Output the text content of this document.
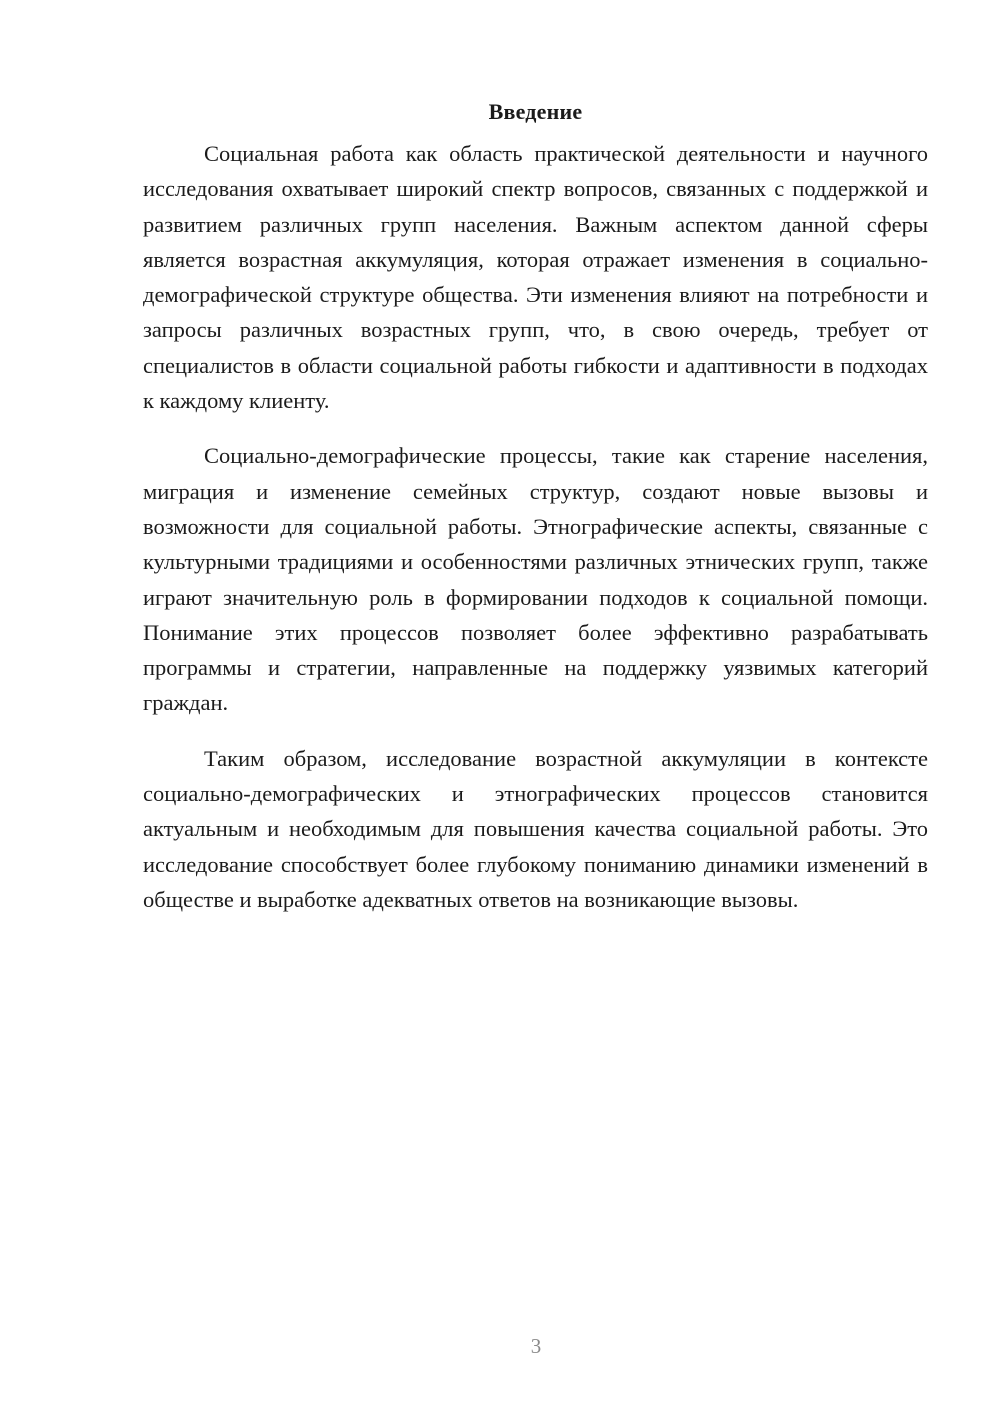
Введение

Социальная работа как область практической деятельности и научного исследования охватывает широкий спектр вопросов, связанных с поддержкой и развитием различных групп населения. Важным аспектом данной сферы является возрастная аккумуляция, которая отражает изменения в социально-демографической структуре общества. Эти изменения влияют на потребности и запросы различных возрастных групп, что, в свою очередь, требует от специалистов в области социальной работы гибкости и адаптивности в подходах к каждому клиенту.

Социально-демографические процессы, такие как старение населения, миграция и изменение семейных структур, создают новые вызовы и возможности для социальной работы. Этнографические аспекты, связанные с культурными традициями и особенностями различных этнических групп, также играют значительную роль в формировании подходов к социальной помощи. Понимание этих процессов позволяет более эффективно разрабатывать программы и стратегии, направленные на поддержку уязвимых категорий граждан.

Таким образом, исследование возрастной аккумуляции в контексте социально-демографических и этнографических процессов становится актуальным и необходимым для повышения качества социальной работы. Это исследование способствует более глубокому пониманию динамики изменений в обществе и выработке адекватных ответов на возникающие вызовы.

3
